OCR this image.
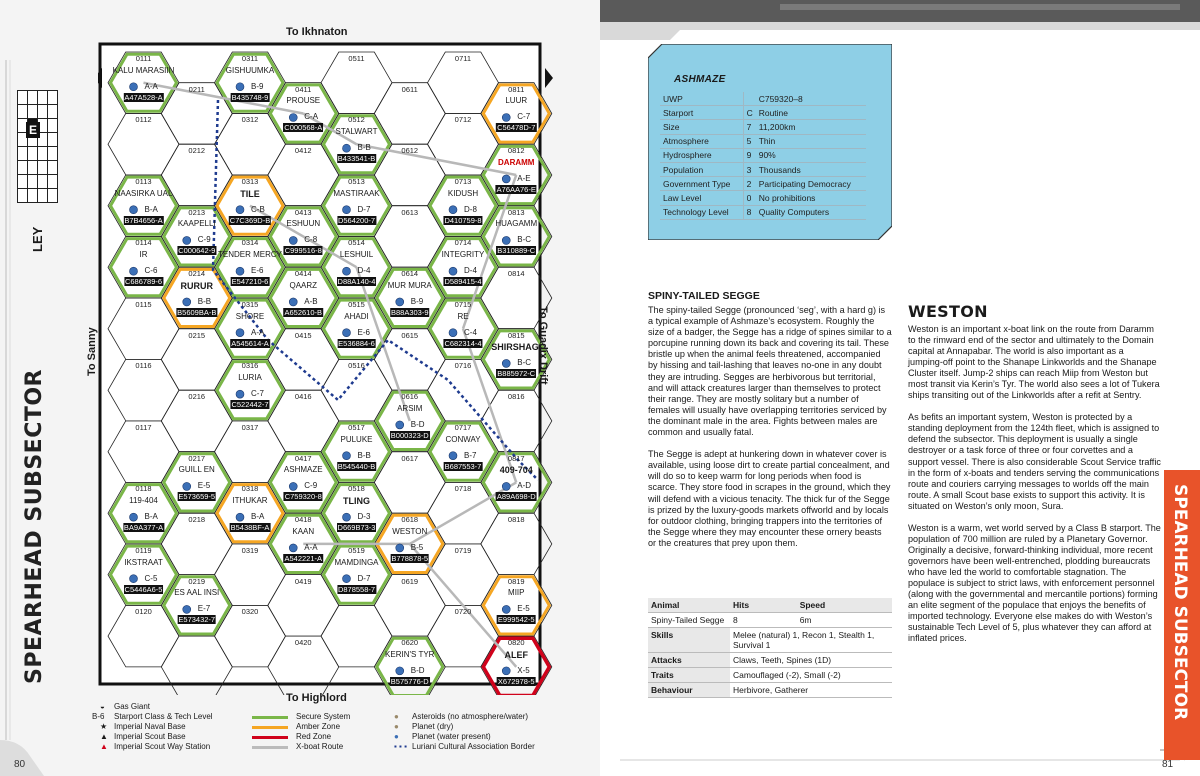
E
LEY
SPEARHEAD SUBSECTOR
80
0111
KALU MARASIIN
A-A
A47A528-A
0112
0113
NAASIRKA UAL
B-A
B7B4656-A
0114
IR
C-6
C686789-6
0115
0116
0117
0118
119-404
B-A
BA9A377-A
0119
IKSTRAAT
C-5
C5446A6-5
0120
0211
0212
0213
KAAPELLI
C-9
C000642-9
0214
RURUR
B-B
B5609BA-B
0215
0216
0217
GUILL EN
E-5
E573659-5
0218
0219
ES AAL INSI
E-7
E573432-7
0311
GISHUUMKA
B-9
B435748-9
0312
0313
TILE
C-B
C7C369D-B
0314
TENDER MERCY
E-6
E547210-6
0315
SHORE
A-A
A545614-A
0316
LURIA
C-7
C522442-7
0317
0318
ITHUKAR
B-A
B5438BF-A
0319
0320
0411
PROUSE
C-A
C000568-A
0412
0413
ESHUUN
C-8
C999516-8
0414
QAARZ
A-B
A652610-B
0415
0416
0417
ASHMAZE
C-9
C759320-8
0418
KAAN
A-A
A542221-A
0419
0420
0511
0512
STALWART
B-B
B433541-B
0513
MASTIRAAK
D-7
D564200-7
0514
LESHUIL
D-4
D88A140-4
0515
AHADI
E-6
E536884-6
0516
0517
PULUKE
B-B
B545440-B
0518
TLING
D-3
D669B73-3
0519
MAMDINGA
D-7
D878558-7
0611
0612
0613
0614
MUR MURA
B-9
B88A303-9
0615
0616
ARSIM
B-D
B000323-D
0617
0618
WESTON
B-5
B778878-5
0619
0620
KERIN'S TYR
B-D
B575776-D
0711
0712
0713
KIDUSH
D-8
D410759-8
0714
INTEGRITY
D-4
D589415-4
0715
RE
C-4
C682314-4
0716
0717
CONWAY
B-7
B687553-7
0718
0719
0720
0811
LUUR
C-7
C56478D-7
0812
DARAMM
A-E
A76AA76-E
0813
HUAGAMM
B-C
B310889-C
0814
0815
SHIRSHAGI
B-C
B885972-C
0816
0817
409-704
A-D
A89A698-D
0818
0819
MIIP
E-5
E999542-5
0820
ALEF
X-5
X672978-5
To Ikhnaton
To Highlord
To Sanny	To Guadix Drift
◒ Gas Giant
B-6 Starport Class & Tech Level
★ Imperial Naval Base
▲ Imperial Scout Base
▲ Imperial Scout Way Station
Secure System
Amber Zone
Red Zone
X-boat Route
● Asteroids (no atmosphere/water)
● Planet (dry)
● Planet (water present)
▪ ▪ ▪ Luriani Cultural Association Border
ASHMAZE
UWP		C759320–8
Starport	C	Routine
Size	7	11,200km
Atmosphere	5	Thin
Hydrosphere	9	90%
Population	3	Thousands
Government Type	2	Participating Democracy
Law Level	0	No prohibitions
Technology Level	8	Quality Computers
SPINY-TAILED SEGGE

The spiny-tailed Segge (pronounced ‘seg’, with a hard g) is a typical example of Ashmaze’s ecosystem. Roughly the size of a badger, the Segge has a ridge of spines similar to a porcupine running down its back and covering its tail. These bristle up when the animal feels threatened, accompanied by hissing and tail-lashing that leaves no-one in any doubt they are intruding. Segges are herbivorous but territorial, and will attack creatures larger than themselves to protect their range. They are mostly solitary but a number of females will usually have overlapping territories serviced by the dominant male in the area. Fights between males are common and usually fatal.

The Segge is adept at hunkering down in whatever cover is available, using loose dirt to create partial concealment, and will do so to keep warm for long periods when food is scarce. They store food in scrapes in the ground, which they will defend with a vicious tenacity. The thick fur of the Segge is prized by the luxury-goods markets offworld and by locals for outdoor clothing, bringing trappers into the territories of the Segge where they may encounter these ornery beasts or the creatures that prey upon them.

Animal	Hits	Speed
Spiny-Tailed Segge	8	6m
Skills	Melee (natural) 1, Recon 1, Stealth 1, Survival 1	
Attacks	Claws, Teeth, Spines (1D)	
Traits	Camouflaged (-2), Small (-2)	
Behaviour	Herbivore, Gatherer	
WESTON

Weston is an important x-boat link on the route from Daramm to the rimward end of the sector and ultimately to the Domain capital at Annapabar. The world is also important as a jumping-off point to the Shanape Linkworlds and the Shanape Cluster itself. Jump-2 ships can reach Miip from Weston but most transit via Kerin’s Tyr. The world also sees a lot of Tukera ships transiting out of the Linkworlds after a refit at Sentry.

As befits an important system, Weston is protected by a standing deployment from the 124th fleet, which is assigned to defend the subsector. This deployment is usually a single destroyer or a task force of three or four corvettes and a support vessel. There is also considerable Scout Service traffic in the form of x-boats and tenders serving the communications route and couriers carrying messages to worlds off the main route. A small Scout base exists to support this activity. It is situated on Weston’s only moon, Sura.

Weston is a warm, wet world served by a Class B starport. The population of 700 million are ruled by a Planetary Governor. Originally a decisive, forward-thinking individual, more recent governors have been well-entrenched, plodding bureaucrats who have led the world to comfortable stagnation. The populace is subject to strict laws, with enforcement personnel (along with the governmental and mercantile portions) forming an elite segment of the populace that enjoys the benefits of imported technology. Everyone else makes do with Weston’s sustainable Tech Level of 5, plus whatever they can afford at inflated prices.	SPEARHEAD SUBSECTOR
81
